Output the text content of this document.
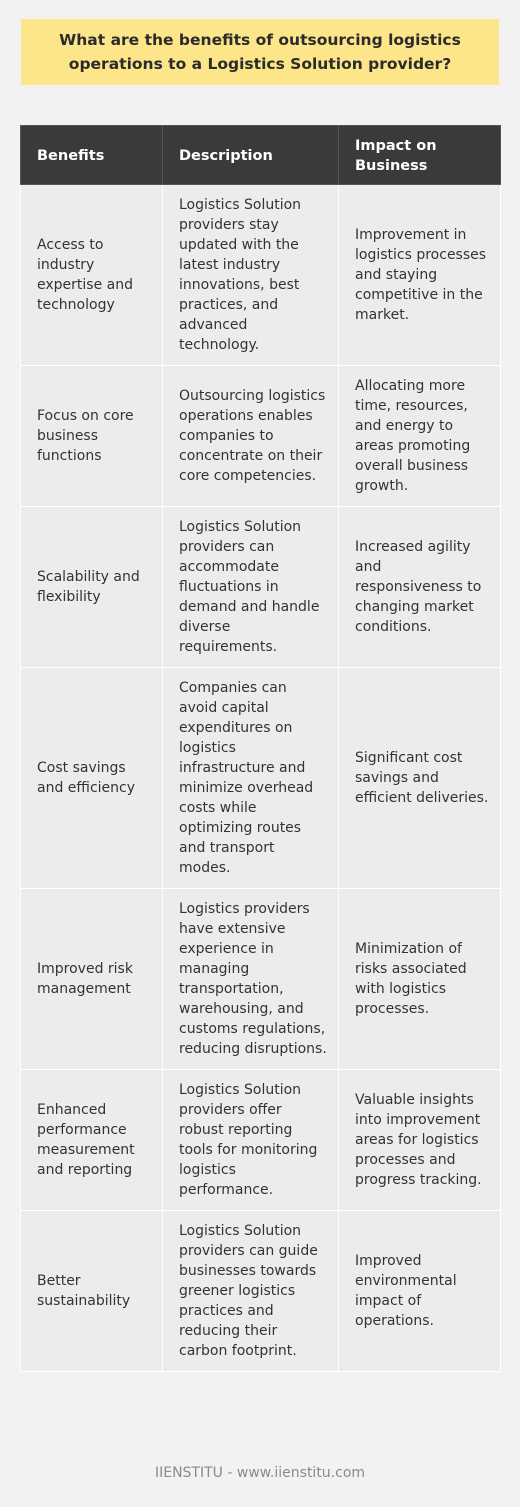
What are the benefits of outsourcing logistics operations to a Logistics Solution provider?
Benefits	Description	Impact on Business
Access to industry expertise and technology	Logistics Solution providers stay updated with the latest industry innovations, best practices, and advanced technology.	Improvement in logistics processes and staying competitive in the market.
Focus on core business functions	Outsourcing logistics operations enables companies to concentrate on their core competencies.	Allocating more time, resources, and energy to areas promoting overall business growth.
Scalability and flexibility	Logistics Solution providers can accommodate fluctuations in demand and handle diverse requirements.	Increased agility and responsiveness to changing market conditions.
Cost savings and efficiency	Companies can avoid capital expenditures on logistics infrastructure and minimize overhead costs while optimizing routes and transport modes.	Significant cost savings and efficient deliveries.
Improved risk management	Logistics providers have extensive experience in managing transportation, warehousing, and customs regulations, reducing disruptions.	Minimization of risks associated with logistics processes.
Enhanced performance measurement and reporting	Logistics Solution providers offer robust reporting tools for monitoring logistics performance.	Valuable insights into improvement areas for logistics processes and progress tracking.
Better sustainability	Logistics Solution providers can guide businesses towards greener logistics practices and reducing their carbon footprint.	Improved environmental impact of operations.
IIENSTITU - www.iienstitu.com
